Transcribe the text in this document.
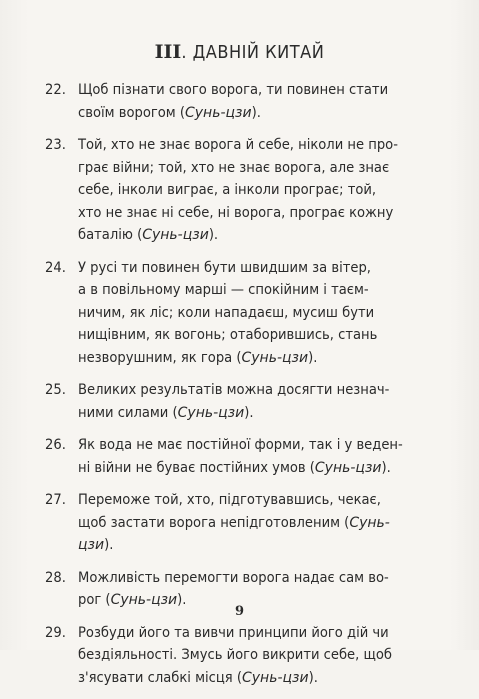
III. ДАВНІЙ КИТАЙ
22. Щоб пізнати свого ворога, ти повинен стати
своїм ворогом (Сунь-цзи).
23. Той, хто не знає ворога й себе, ніколи не про-
грає війни; той, хто не знає ворога, але знає
себе, інколи виграє, а інколи програє; той,
хто не знає ні себе, ні ворога, програє кожну
баталію (Сунь-цзи).
24. У русі ти повинен бути швидшим за вітер,
а в повільному марші — спокійним і таєм-
ничим, як ліс; коли нападаєш, мусиш бути
нищівним, як вогонь; отаборившись, стань
незворушним, як гора (Сунь-цзи).
25. Великих результатів можна досягти незнач-
ними силами (Сунь-цзи).
26. Як вода не має постійної форми, так і у веден-
ні війни не буває постійних умов (Сунь-цзи).
27. Переможе той, хто, підготувавшись, чекає,
щоб застати ворога непідготовленим (Сунь-
цзи).
28. Можливість перемогти ворога надає сам во-
рог (Сунь-цзи).
29. Розбуди його та вивчи принципи його дій чи
бездіяльності. Змусь його викрити себе, щоб
з'ясувати слабкі місця (Сунь-цзи).
9
